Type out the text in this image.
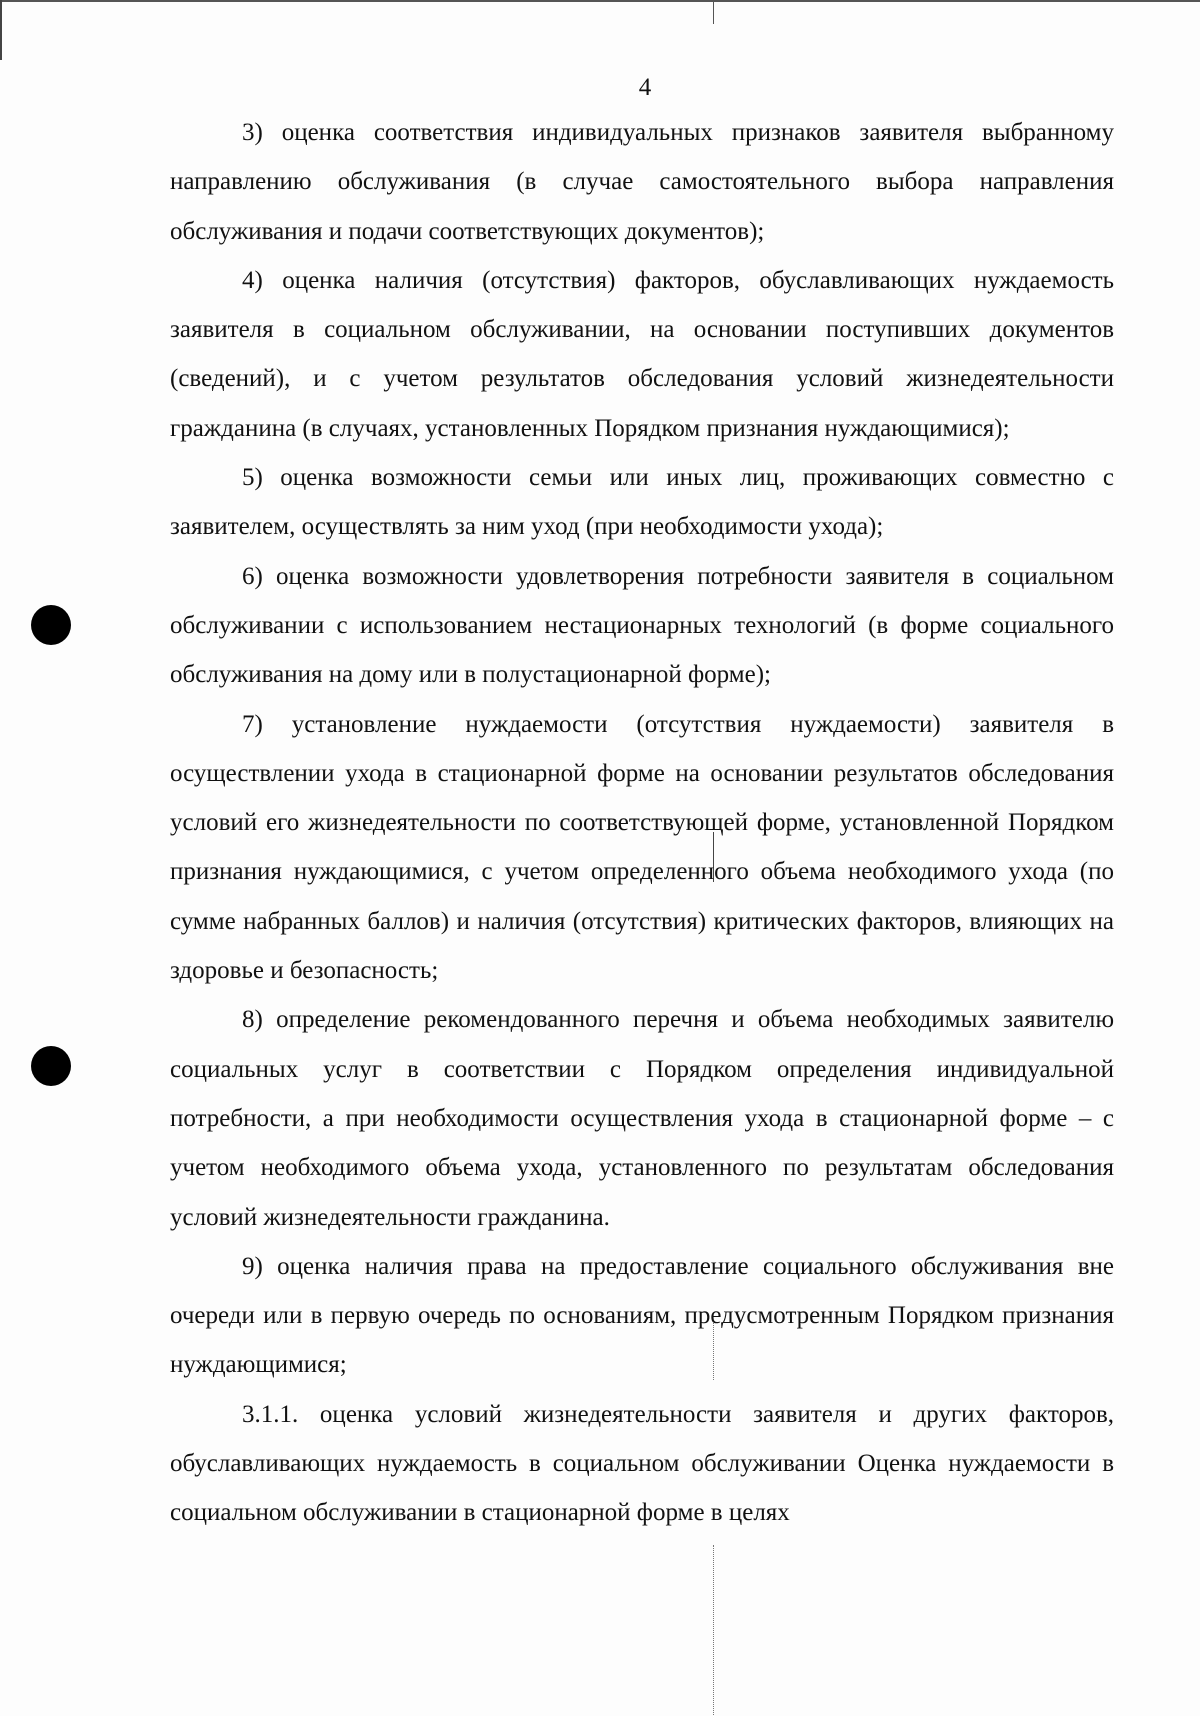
4

3) оценка соответствия индивидуальных признаков заявителя выбранному направлению обслуживания (в случае самостоятельного выбора направления обслуживания и подачи соответствующих документов);

4) оценка наличия (отсутствия) факторов, обуславливающих нуждаемость заявителя в социальном обслуживании, на основании поступивших документов (сведений), и с учетом результатов обследования условий жизнедеятельности гражданина (в случаях, установленных Порядком признания нуждающимися);

5) оценка возможности семьи или иных лиц, проживающих совместно с заявителем, осуществлять за ним уход (при необходимости ухода);

6) оценка возможности удовлетворения потребности заявителя в социальном обслуживании с использованием нестационарных технологий (в форме социального обслуживания на дому или в полустационарной форме);

7) установление нуждаемости (отсутствия нуждаемости) заявителя в осуществлении ухода в стационарной форме на основании результатов обследования условий его жизнедеятельности по соответствующей форме, установленной Порядком признания нуждающимися, с учетом определенного объема необходимого ухода (по сумме набранных баллов) и наличия (отсутствия) критических факторов, влияющих на здоровье и безопасность;

8) определение рекомендованного перечня и объема необходимых заявителю социальных услуг в соответствии с Порядком определения индивидуальной потребности, а при необходимости осуществления ухода в стационарной форме – с учетом необходимого объема ухода, установленного по результатам обследования условий жизнедеятельности гражданина.

9) оценка наличия права на предоставление социального обслуживания вне очереди или в первую очередь по основаниям, предусмотренным Порядком признания нуждающимися;

3.1.1. оценка условий жизнедеятельности заявителя и других факторов, обуславливающих нуждаемость в социальном обслуживании Оценка нуждаемости в социальном обслуживании в стационарной форме в целях
